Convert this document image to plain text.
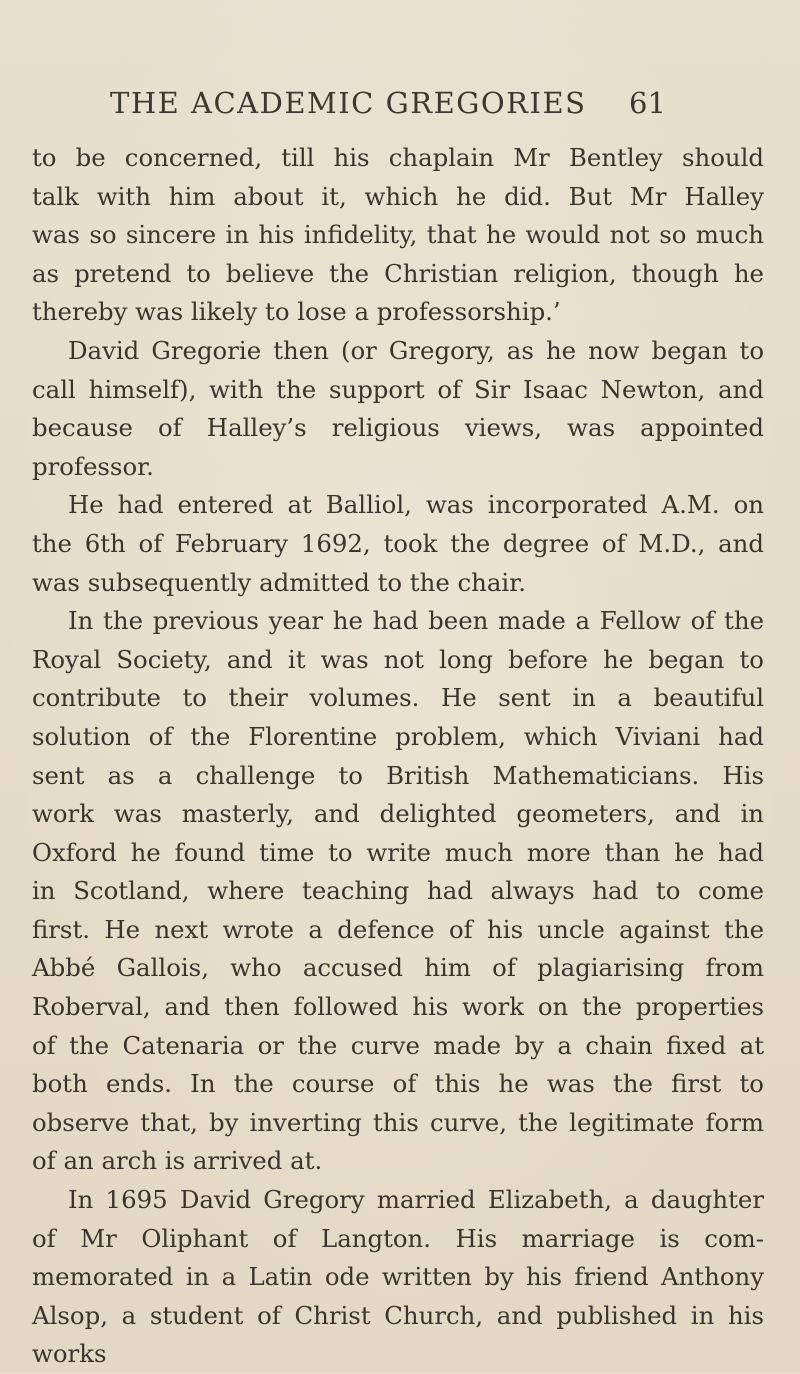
THE ACADEMIC GREGORIES 61
to be concerned, till his chaplain Mr Bentley should
talk with him about it, which he did. But Mr Halley
was so sincere in his infidelity, that he would not so much
as pretend to believe the Christian religion, though he
thereby was likely to lose a professorship.’
David Gregorie then (or Gregory, as he now began to
call himself), with the support of Sir Isaac Newton, and
because of Halley’s religious views, was appointed
professor.
He had entered at Balliol, was incorporated A.M. on
the 6th of February 1692, took the degree of M.D., and
was subsequently admitted to the chair.
In the previous year he had been made a Fellow of the
Royal Society, and it was not long before he began to
contribute to their volumes. He sent in a beautiful
solution of the Florentine problem, which Viviani had
sent as a challenge to British Mathematicians. His
work was masterly, and delighted geometers, and in
Oxford he found time to write much more than he had
in Scotland, where teaching had always had to come
first. He next wrote a defence of his uncle against the
Abbé Gallois, who accused him of plagiarising from
Roberval, and then followed his work on the properties
of the Catenaria or the curve made by a chain fixed at
both ends. In the course of this he was the first to
observe that, by inverting this curve, the legitimate form
of an arch is arrived at.
In 1695 David Gregory married Elizabeth, a daughter
of Mr Oliphant of Langton. His marriage is com-
memorated in a Latin ode written by his friend Anthony
Alsop, a student of Christ Church, and published in his
works
